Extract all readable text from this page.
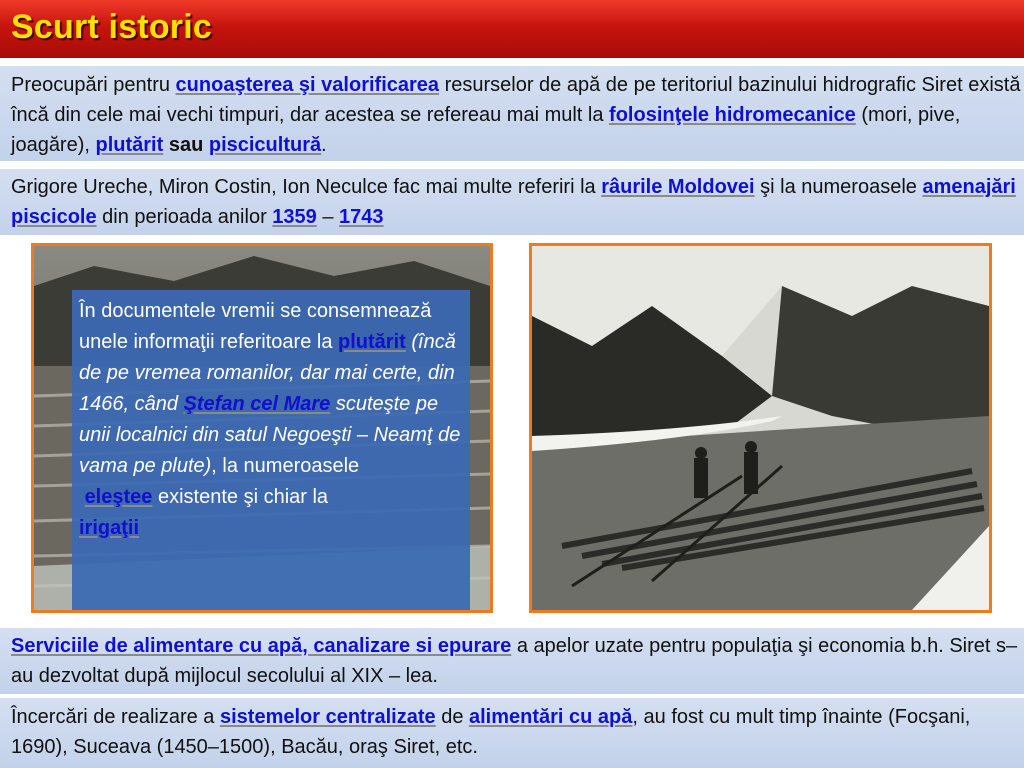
Scurt istoric
Preocupări pentru cunoaşterea şi valorificarea resurselor de apă de pe teritoriul bazinului hidrografic Siret există încă din cele mai vechi timpuri, dar acestea se refereau mai mult la folosinţele hidromecanice (mori, pive, joagăre), plutărit sau piscicultură.
Grigore Ureche, Miron Costin, Ion Neculce fac mai multe referiri la râurile Moldovei şi la numeroasele amenajări piscicole din perioada anilor 1359 – 1743
În documentele vremii se consemnează unele informaţii referitoare la plutărit (încă de pe vremea romanilor, dar mai certe, din 1466, când Ştefan cel Mare scuteşte pe unii localnici din satul Negoeşti – Neamţ de vama pe plute), la numeroasele
eleştee existente şi chiar la
irigaţii
Serviciile de alimentare cu apă, canalizare si epurare a apelor uzate pentru populaţia şi economia b.h. Siret s–au dezvoltat după mijlocul secolului al XIX – lea.
Încercări de realizare a sistemelor centralizate de alimentări cu apă, au fost cu mult timp înainte (Focşani, 1690), Suceava (1450–1500), Bacău, oraş Siret, etc.
